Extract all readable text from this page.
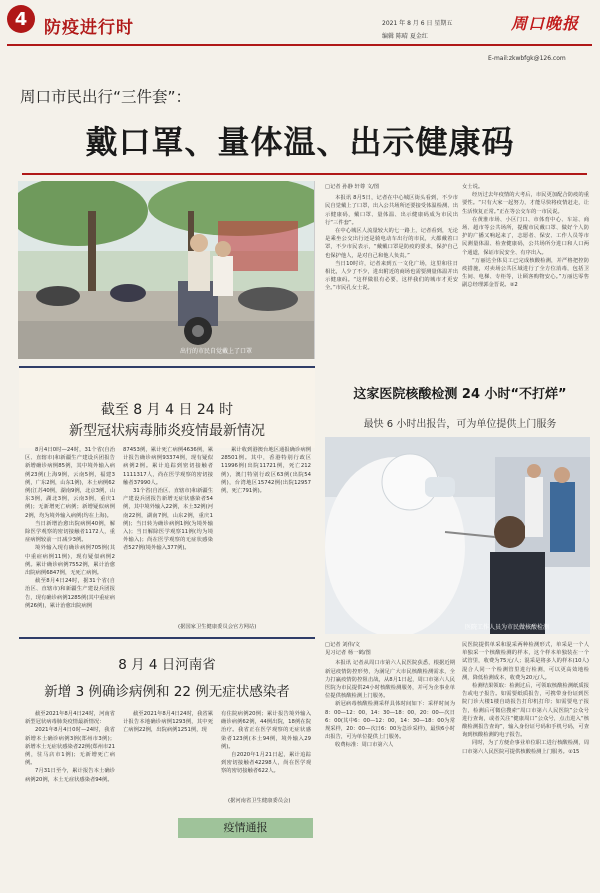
4 防疫进行时	2021 年 8 月 6 日 星期五
编辑 陈晴 夏金红
周口晚报
E-mail:zkwbfgk@126.com
周口市民出行“三件套”：
戴口罩、量体温、出示健康码
出行的市民自觉戴上了口罩
□记者 孙静 轩尊 文/图

本报讯 8月5日，记者在中心城区街头看到，不少市民自觉戴上了口罩，出入公共场所还要接受体温检测、出示健康码，戴口罩、量体温、出示健康码成为市民出行“三件套”。

在中心城区人流量较大的七一路上，记者看到，无论是乘坐公交出行还是骑电动车出行的市民，大都戴着口罩，不少市民表示，“戴戴口罩是防疫的要求，保护自己也保护他人，是对自己和他人负责。”

当日10时许，记者来到五一文化广场，这里和往日相比，人少了不少，进出附近的商场也需要测量体温并出示健康码。“这样做很有必要，这样我们的城市才更安全。”市民孔女士说。

女士说。

经历过去年疫情的大考后，市民更加配合防疫的重要性。“只有大家一起努力，才能尽快将疫情赶走，让生活恢复正常。”正在等公交车的一市民说。

在黄淮市场、小区门口、市体育中心、车站、商场、超市等公共场所，提醒市民戴口罩、做好个人防护的广播又响起来了，志愿者、保安、工作人员等市民测量体温、检查健康码，公共场所分进口和人口两个通道，保证市民安全、有序出入。

“万丽达全体员工已完成核酸检测，并严格把控防疫措施，对卖场公共区域进行了全方位消毒，包括卫生间、电梯、专柜等，让顾客购物安心。”万丽达零售副总经理郭金晋说。②2

截至 8 月 4 日 24 时
新型冠状病毒肺炎疫情最新情况

8月4日0时—24时，31个省(自治区、直辖市)和新疆生产建设兵团报告新增确诊病例85例，其中境外输入病例23例(上海9例，云南5例，福建3例，广东2例，山东1例)，本土病例62例(江苏40例，湖南9例，北京3例，山东3例，湖北3例，云南3例，重庆1例)；无新增死亡病例；新增疑似病例2例，均为境外输入病例(均在上海)。

当日新增治愈出院病例40例，解除医学观察的密切接触者1172人，重症病例较前一日减少3例。

境外输入现有确诊病例705例(其中重症病例11例)，现有疑似病例2例。累计确诊病例7552例，累计治愈出院病例6847例，无死亡病例。

截至8月4日24时，据31个省(自治区、直辖市)和新疆生产建设兵团报告，现有确诊病例1285例(其中重症病例26例)，累计治愈出院病例

87453例，累计死亡病例4636例，累计报告确诊病例93374例，现有疑似病例2例。累计追踪到密切接触者1111317人，尚在医学观察的密切接触者37990人。

31个省(自治区、直辖市)和新疆生产建设兵团报告新增无症状感染者54例，其中境外输入22例，本土32例(河南22例，湖南7例，山东2例，重庆1例)；当日转为确诊病例1例(为境外输入)；当日解除医学观察11例(均为境外输入)；尚在医学观察的无症状感染者527例(境外输入377例)。

累计收到港澳台地区通报确诊病例28501例。其中，香港特别行政区11996例(出院11721例，死亡212例)，澳门特别行政区63例(出院54例)，台湾地区15742例(出院12957例，死亡791例)。

(据国家卫生健康委员会官方网站)
8 月 4 日河南省
新增 3 例确诊病例和 22 例无症状感染者

截至2021年8月4日24时，河南省新型冠状病毒肺炎疫情最新情况：

2021年8月4日0时—24时，我省新增本土确诊病例3例(郑州市3例)；新增本土无症状感染者22例(郑州市21例，驻马店市1例)；无新增死亡病例。

7月31日至今，累计报告本土确诊病例20例，本土无症状感染者94例。

截至2021年8月4日24时，我省累计报告本地确诊病例1293例，其中死亡病例22例，出院病例1251例，现

有住院病例20例；累计报告境外输入确诊病例62例，44例出院，18例在院治疗。我省正在医学观察的无症状感染者123例(本土94例，境外输入29例)。

自2020年1月21日起，累计追踪到密切接触者42298人，尚在医学观察的密切接触者622人。

(据河南省卫生健康委员会)
疫情通报
这家医院核酸检测 24 小时“不打烊”
最快 6 小时出报告，可为单位提供上门服务
医院工作人员为市民做核酸检测
□记者 刘伟/文
见习记者 杨一鹤/图

本报讯 记者从周口市第六人民医院获悉，根据近期新冠疫情防控形势，为满足广大市民核酸检测需求，全力打赢疫情防控阻击战，从8月1日起，周口市第六人民医院为市民提供24小时核酸检测服务，并可为企事业单位提供核酸检测上门服务。

新冠病毒核酸检测采样具体时间如下：采样时间为8：00—12：00，14：30—18：00，20：00—次日6：00(其中6：00—12：00，14：30—18：00为常规采样，20：00—次日6：00为急诊采样)，最快6小时出报告，可为单位提供上门服务。

收费标准：周口市第六人

民医院提供单采和混采两种检测形式，单采是一个人单独采一个核酸检测的样本，这个样本单独装在一个试管里，收费为75元/人；混采是将多人的样本(10人)混合人同一个检测管里进行检测，可以更高效地检测，降低检测成本，收费为20元/人。

检测结果领取：检测过后，可领取核酸检测纸质报告或电子报告。如需要纸质报告，可携带身份证到医院门诊大楼1楼自助报告打印机打印；如需要电子报告，检测后可微信搜索“周口市第六人民医院”公众号进行查询，或者关注“健康周口”公众号，点击进入“核酸检测报告查询”，输入身份证号码和手机号码，可查询到核酸检测的电子报告。

同时，为了方便企事业单位职工进行核酸检测，周口市第六人民医院可提供核酸检测上门服务。②15
